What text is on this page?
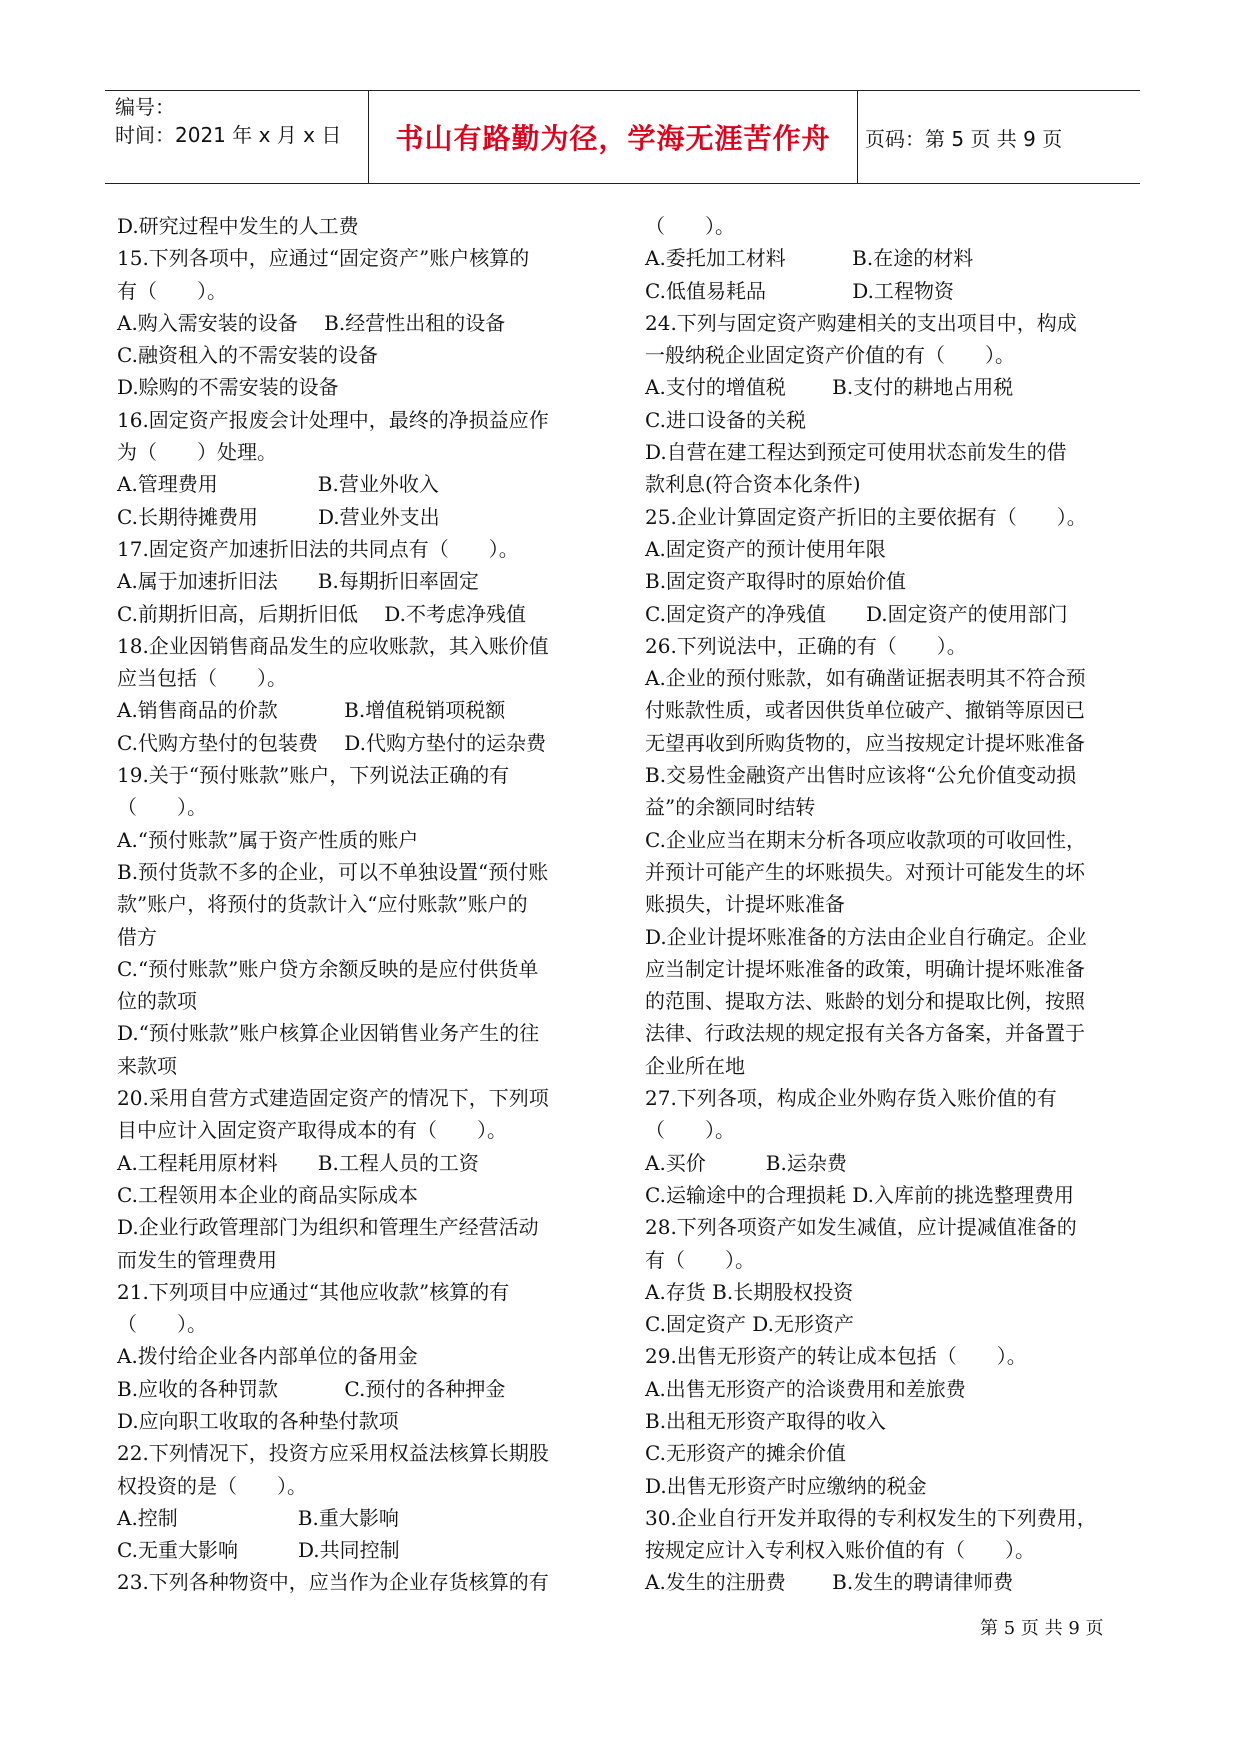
编号：
时间：2021 年 x 月 x 日	书山有路勤为径，学海无涯苦作舟 页码：第 5 页 共 9 页
D.研究过程中发生的人工费
15.下列各项中，应通过“固定资产”账户核算的
有（　　）。
A.购入需安装的设备　 B.经营性出租的设备
C.融资租入的不需安装的设备
D.赊购的不需安装的设备
16.固定资产报废会计处理中，最终的净损益应作
为（　　）处理。
A.管理费用　　　　　B.营业外收入
C.长期待摊费用　　　D.营业外支出
17.固定资产加速折旧法的共同点有（　　）。
A.属于加速折旧法　　B.每期折旧率固定
C.前期折旧高，后期折旧低　 D.不考虑净残值
18.企业因销售商品发生的应收账款，其入账价值
应当包括（　　）。
A.销售商品的价款　　　 B.增值税销项税额
C.代购方垫付的包装费　 D.代购方垫付的运杂费
19.关于“预付账款”账户，下列说法正确的有
（　　）。
A.“预付账款”属于资产性质的账户
B.预付货款不多的企业，可以不单独设置“预付账
款”账户，将预付的货款计入“应付账款”账户的
借方
C.“预付账款”账户贷方余额反映的是应付供货单
位的款项
D.“预付账款”账户核算企业因销售业务产生的往
来款项
20.采用自营方式建造固定资产的情况下，下列项
目中应计入固定资产取得成本的有（　　）。
A.工程耗用原材料　　B.工程人员的工资
C.工程领用本企业的商品实际成本
D.企业行政管理部门为组织和管理生产经营活动
而发生的管理费用
21.下列项目中应通过“其他应收款”核算的有
（　　）。
A.拨付给企业各内部单位的备用金
B.应收的各种罚款　　　 C.预付的各种押金
D.应向职工收取的各种垫付款项
22.下列情况下，投资方应采用权益法核算长期股
权投资的是（　　）。
A.控制　　　　　　B.重大影响
C.无重大影响　　　D.共同控制
23.下列各种物资中，应当作为企业存货核算的有
（　　）。
A.委托加工材料　　　 B.在途的材料
C.低值易耗品　　　　 D.工程物资
24.下列与固定资产购建相关的支出项目中，构成
一般纳税企业固定资产价值的有（　　）。
A.支付的增值税　　 B.支付的耕地占用税
C.进口设备的关税
D.自营在建工程达到预定可使用状态前发生的借
款利息(符合资本化条件)
25.企业计算固定资产折旧的主要依据有（　　）。
A.固定资产的预计使用年限
B.固定资产取得时的原始价值
C.固定资产的净残值　　D.固定资产的使用部门
26.下列说法中，正确的有（　　）。
A.企业的预付账款，如有确凿证据表明其不符合预
付账款性质，或者因供货单位破产、撤销等原因已
无望再收到所购货物的，应当按规定计提坏账准备
B.交易性金融资产出售时应该将“公允价值变动损
益”的余额同时结转
C.企业应当在期末分析各项应收款项的可收回性，
并预计可能产生的坏账损失。对预计可能发生的坏
账损失，计提坏账准备
D.企业计提坏账准备的方法由企业自行确定。企业
应当制定计提坏账准备的政策，明确计提坏账准备
的范围、提取方法、账龄的划分和提取比例，按照
法律、行政法规的规定报有关各方备案，并备置于
企业所在地
27.下列各项，构成企业外购存货入账价值的有
（　　）。
A.买价　　　B.运杂费
C.运输途中的合理损耗 D.入库前的挑选整理费用
28.下列各项资产如发生减值，应计提减值准备的
有（　　）。
A.存货 B.长期股权投资
C.固定资产 D.无形资产
29.出售无形资产的转让成本包括（　　）。
A.出售无形资产的洽谈费用和差旅费
B.出租无形资产取得的收入
C.无形资产的摊余价值
D.出售无形资产时应缴纳的税金
30.企业自行开发并取得的专利权发生的下列费用，
按规定应计入专利权入账价值的有（　　）。
A.发生的注册费　　 B.发生的聘请律师费
第 5 页 共 9 页
